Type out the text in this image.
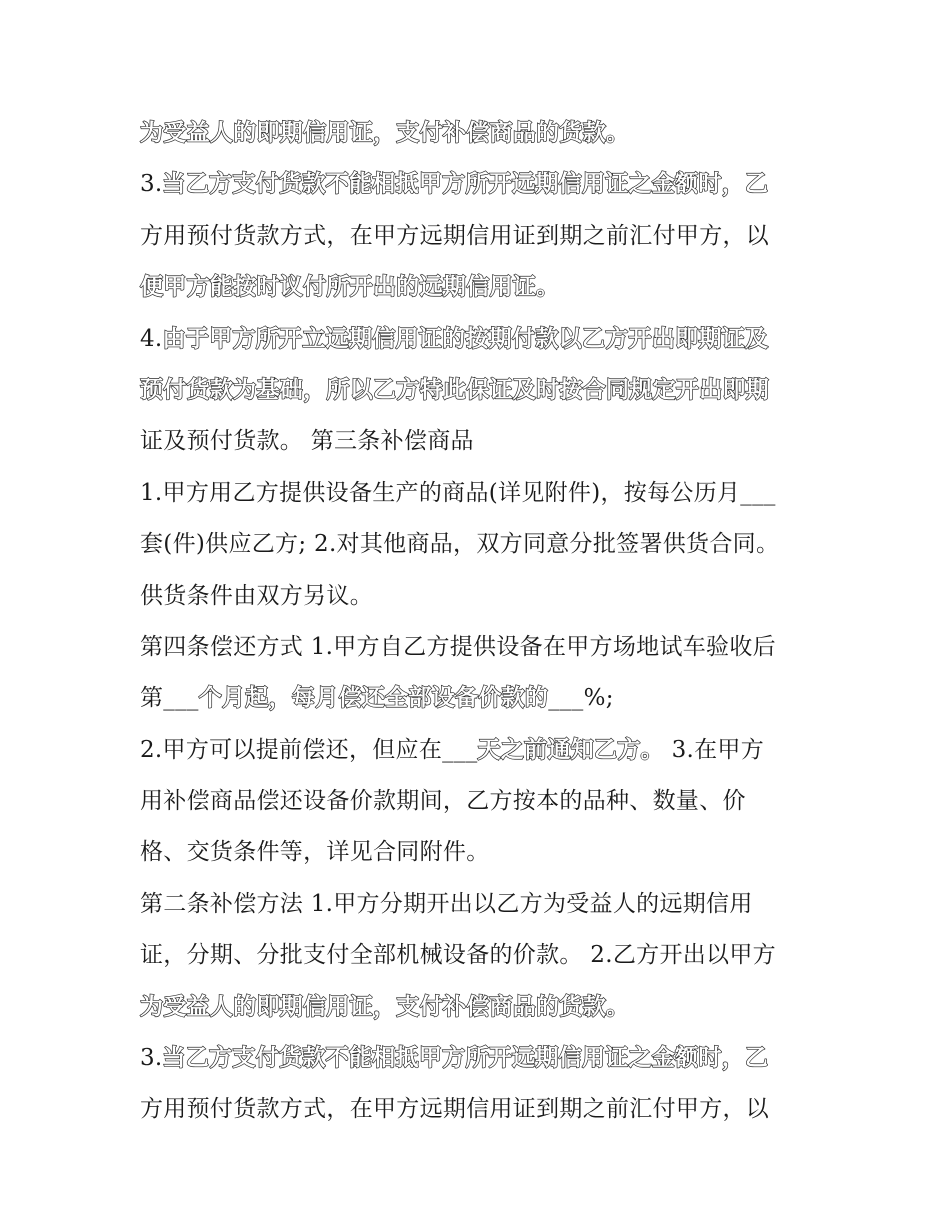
为受益人的即期信用证，支付补偿商品的货款。
3.当乙方支付货款不能相抵甲方所开远期信用证之金额时，乙
方用预付货款方式，在甲方远期信用证到期之前汇付甲方，以
便甲方能按时议付所开出的远期信用证。
4.由于甲方所开立远期信用证的按期付款以乙方开出即期证及
预付货款为基础，所以乙方特此保证及时按合同规定开出即期
证及预付货款。 第三条补偿商品
1.甲方用乙方提供设备生产的商品(详见附件)，按每公历月___
套(件)供应乙方; 2.对其他商品，双方同意分批签署供货合同。
供货条件由双方另议。
第四条偿还方式 1.甲方自乙方提供设备在甲方场地试车验收后
第___个月起，每月偿还全部设备价款的___%;
2.甲方可以提前偿还，但应在___天之前通知乙方。 3.在甲方
用补偿商品偿还设备价款期间，乙方按本的品种、数量、价
格、交货条件等，详见合同附件。
第二条补偿方法 1.甲方分期开出以乙方为受益人的远期信用
证，分期、分批支付全部机械设备的价款。 2.乙方开出以甲方
为受益人的即期信用证，支付补偿商品的货款。
3.当乙方支付货款不能相抵甲方所开远期信用证之金额时，乙
方用预付货款方式，在甲方远期信用证到期之前汇付甲方，以
